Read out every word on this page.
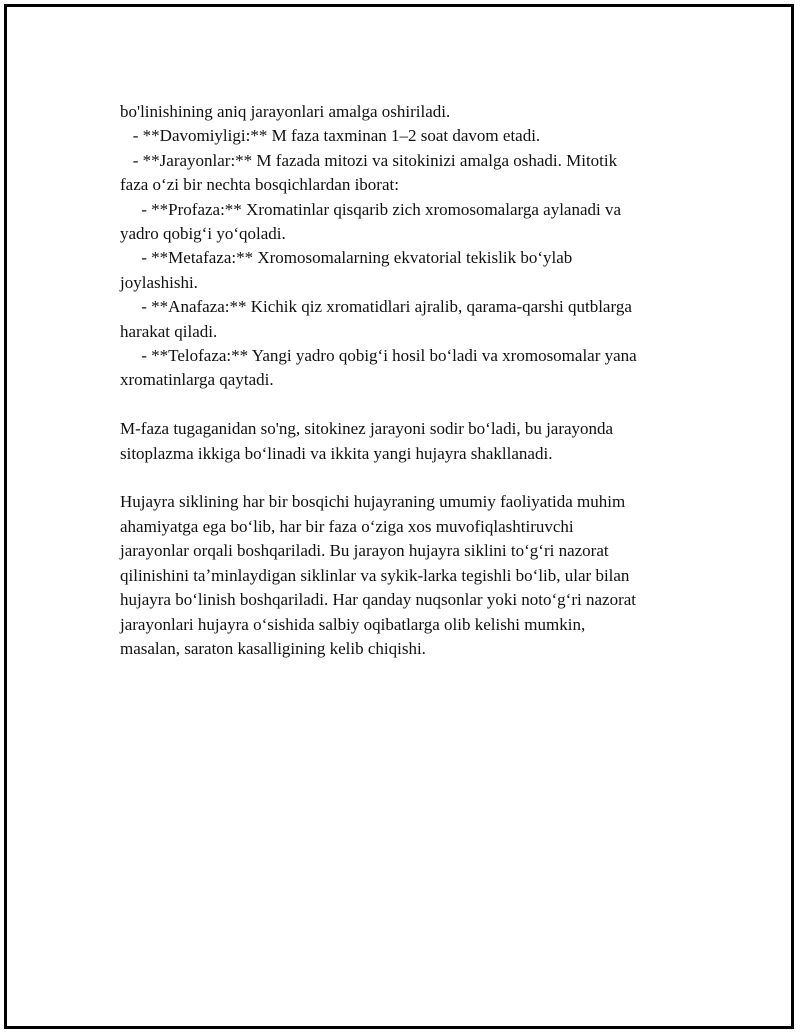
bo'linishining aniq jarayonlari amalga oshiriladi.
- **Davomiyligi:** M faza taxminan 1–2 soat davom etadi.
- **Jarayonlar:** M fazada mitozi va sitokinizi amalga oshadi. Mitotik
faza oʻzi bir nechta bosqichlardan iborat:
- **Profaza:** Xromatinlar qisqarib zich xromosomalarga aylanadi va
yadro qobigʻi yoʻqoladi.
- **Metafaza:** Xromosomalarning ekvatorial tekislik boʻylab
joylashishi.
- **Anafaza:** Kichik qiz xromatidlari ajralib, qarama-qarshi qutblarga
harakat qiladi.
- **Telofaza:** Yangi yadro qobigʻi hosil boʻladi va xromosomalar yana
xromatinlarga qaytadi.
M-faza tugaganidan so'ng, sitokinez jarayoni sodir boʻladi, bu jarayonda
sitoplazma ikkiga boʻlinadi va ikkita yangi hujayra shakllanadi.
Hujayra siklining har bir bosqichi hujayraning umumiy faoliyatida muhim
ahamiyatga ega boʻlib, har bir faza oʻziga xos muvofiqlashtiruvchi
jarayonlar orqali boshqariladi. Bu jarayon hujayra siklini toʻgʻri nazorat
qilinishini taʼminlaydigan siklinlar va sykik-larka tegishli boʻlib, ular bilan
hujayra boʻlinish boshqariladi. Har qanday nuqsonlar yoki notoʻgʻri nazorat
jarayonlari hujayra oʻsishida salbiy oqibatlarga olib kelishi mumkin,
masalan, saraton kasalligining kelib chiqishi.
